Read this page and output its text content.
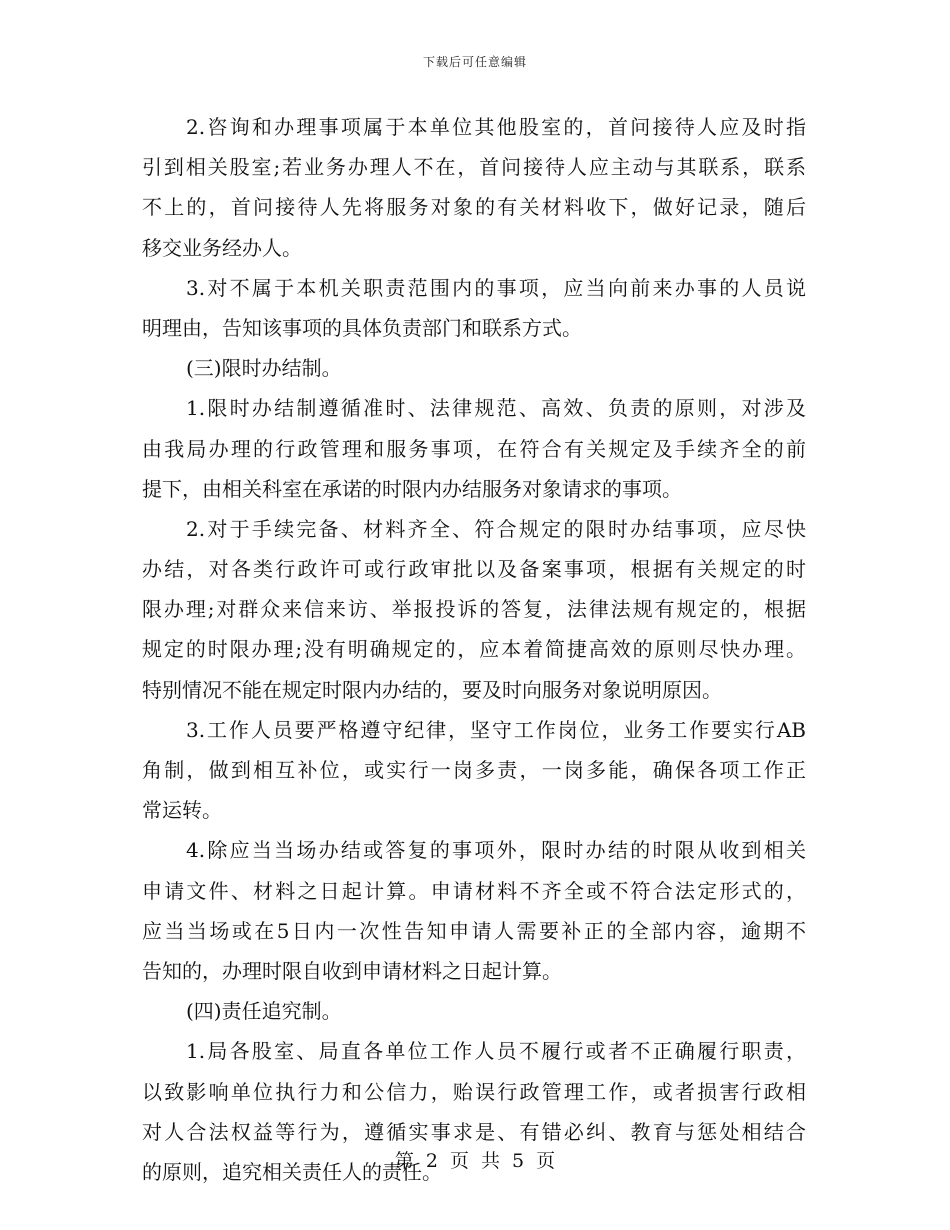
下载后可任意编辑
2.咨询和办理事项属于本单位其他股室的，首问接待人应及时指
引到相关股室;若业务办理人不在，首问接待人应主动与其联系，联系
不上的，首问接待人先将服务对象的有关材料收下，做好记录，随后
移交业务经办人。
3.对不属于本机关职责范围内的事项，应当向前来办事的人员说
明理由，告知该事项的具体负责部门和联系方式。
(三)限时办结制。
1.限时办结制遵循准时、法律规范、高效、负责的原则，对涉及
由我局办理的行政管理和服务事项，在符合有关规定及手续齐全的前
提下，由相关科室在承诺的时限内办结服务对象请求的事项。
2.对于手续完备、材料齐全、符合规定的限时办结事项，应尽快
办结，对各类行政许可或行政审批以及备案事项，根据有关规定的时
限办理;对群众来信来访、举报投诉的答复，法律法规有规定的，根据
规定的时限办理;没有明确规定的，应本着简捷高效的原则尽快办理。
特别情况不能在规定时限内办结的，要及时向服务对象说明原因。
3.工作人员要严格遵守纪律，坚守工作岗位，业务工作要实行AB
角制，做到相互补位，或实行一岗多责，一岗多能，确保各项工作正
常运转。
4.除应当当场办结或答复的事项外，限时办结的时限从收到相关
申请文件、材料之日起计算。申请材料不齐全或不符合法定形式的，
应当当场或在5日内一次性告知申请人需要补正的全部内容，逾期不
告知的，办理时限自收到申请材料之日起计算。
(四)责任追究制。
1.局各股室、局直各单位工作人员不履行或者不正确履行职责，
以致影响单位执行力和公信力，贻误行政管理工作，或者损害行政相
对人合法权益等行为，遵循实事求是、有错必纠、教育与惩处相结合
的原则，追究相关责任人的责任。
第 2 页 共 5 页
